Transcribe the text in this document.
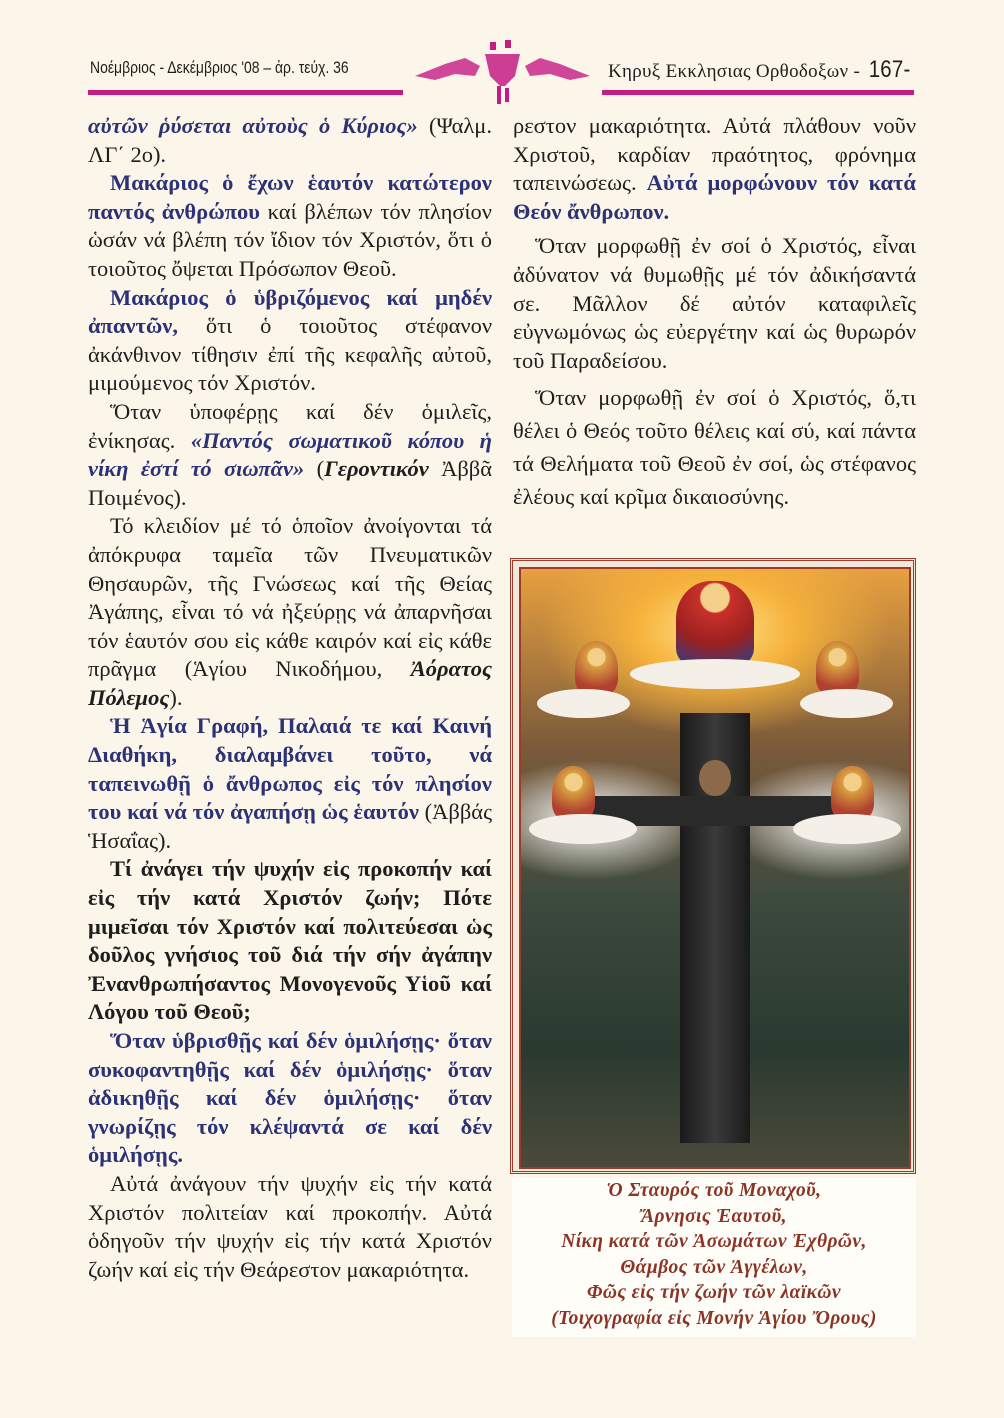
Νοέμβριος - Δεκέμβριος '08 – ἀρ. τεύχ. 36	Κηρυξ Εκκλησιας Ορθοδοξων - 167-

αὐτῶν ῥύσεται αὐτοὺς ὁ Κύριος» (Ψαλμ. ΛΓ΄ 2ο).

Μακάριος ὁ ἔχων ἑαυτόν κατώτερον παντός ἀνθρώπου καί βλέπων τόν πλησίον ὡσάν νά βλέπη τόν ἴδιον τόν Χριστόν, ὅτι ὁ τοιοῦτος ὄψεται Πρόσωπον Θεοῦ.

Μακάριος ὁ ὑβριζόμενος καί μηδέν ἀπαντῶν, ὅτι ὁ τοιοῦτος στέφανον ἀκάνθινον τίθησιν ἐπί τῆς κεφαλῆς αὐτοῦ, μιμούμενος τόν Χριστόν.

Ὅταν ὑποφέρῃς καί δέν ὁμιλεῖς, ἐνίκησας. «Παντός σωματικοῦ κόπου ἡ νίκη ἐστί τό σιωπᾶν» (Γεροντικόν Ἀββᾶ Ποιμένος).

Τό κλειδίον μέ τό ὁποῖον ἀνοίγονται τά ἀπόκρυφα ταμεῖα τῶν Πνευματικῶν Θησαυρῶν, τῆς Γνώσεως καί τῆς Θείας Ἀγάπης, εἶναι τό νά ἠξεύρῃς νά ἀπαρνῆσαι τόν ἑαυτόν σου εἰς κάθε καιρόν καί εἰς κάθε πρᾶγμα (Ἁγίου Νικοδήμου, Ἀόρατος Πόλεμος).

Ἡ Ἁγία Γραφή, Παλαιά τε καί Καινή Διαθήκη, διαλαμβάνει τοῦτο, νά ταπεινωθῇ ὁ ἄνθρωπος εἰς τόν πλησίον του καί νά τόν ἀγαπήσῃ ὡς ἑαυτόν (Ἀββάς Ἡσαΐας).

Τί ἀνάγει τήν ψυχήν εἰς προκοπήν καί εἰς τήν κατά Χριστόν ζωήν; Πότε μιμεῖσαι τόν Χριστόν καί πολιτεύεσαι ὡς δοῦλος γνήσιος τοῦ διά τήν σήν ἀγάπην Ἐνανθρωπήσαντος Μονογενοῦς Υἱοῦ καί Λόγου τοῦ Θεοῦ;

Ὅταν ὑβρισθῇς καί δέν ὁμιλήσῃς· ὅταν συκοφαντηθῇς καί δέν ὁμιλήσῃς· ὅταν ἀδικηθῇς καί δέν ὁμιλήσῃς· ὅταν γνωρίζῃς τόν κλέψαντά σε καί δέν ὁμιλήσῃς.

Αὐτά ἀνάγουν τήν ψυχήν εἰς τήν κατά Χριστόν πολιτείαν καί προκοπήν. Αὐτά ὁδηγοῦν τήν ψυχήν εἰς τήν κατά Χριστόν ζωήν καί εἰς τήν Θεάρεστον μακαριότητα.

ρεστον μακαριότητα. Αὐτά πλάθουν νοῦν Χριστοῦ, καρδίαν πραότητος, φρόνημα ταπεινώσεως. Αὐτά μορφώνουν τόν κατά Θεόν ἄνθρωπον.

Ὅταν μορφωθῇ ἐν σοί ὁ Χριστός, εἶναι ἀδύνατον νά θυμωθῇς μέ τόν ἀδικήσαντά σε. Μᾶλλον δέ αὐτόν καταφιλεῖς εὐγνωμόνως ὡς εὐεργέτην καί ὡς θυρωρόν τοῦ Παραδείσου.

Ὅταν μορφωθῇ ἐν σοί ὁ Χριστός, ὅ,τι θέλει ὁ Θεός τοῦτο θέλεις καί σύ, καί πάντα τά Θελήματα τοῦ Θεοῦ ἐν σοί, ὡς στέφανος ἐλέους καί κρῖμα δικαιοσύνης.

Ὁ Σταυρός τοῦ Μοναχοῦ,
Ἄρνησις Ἑαυτοῦ,
Νίκη κατά τῶν Ἀσωμάτων Ἐχθρῶν,
Θάμβος τῶν Ἀγγέλων,
Φῶς εἰς τήν ζωήν τῶν λαϊκῶν
(Τοιχογραφία εἰς Μονήν Ἁγίου Ὄρους)
